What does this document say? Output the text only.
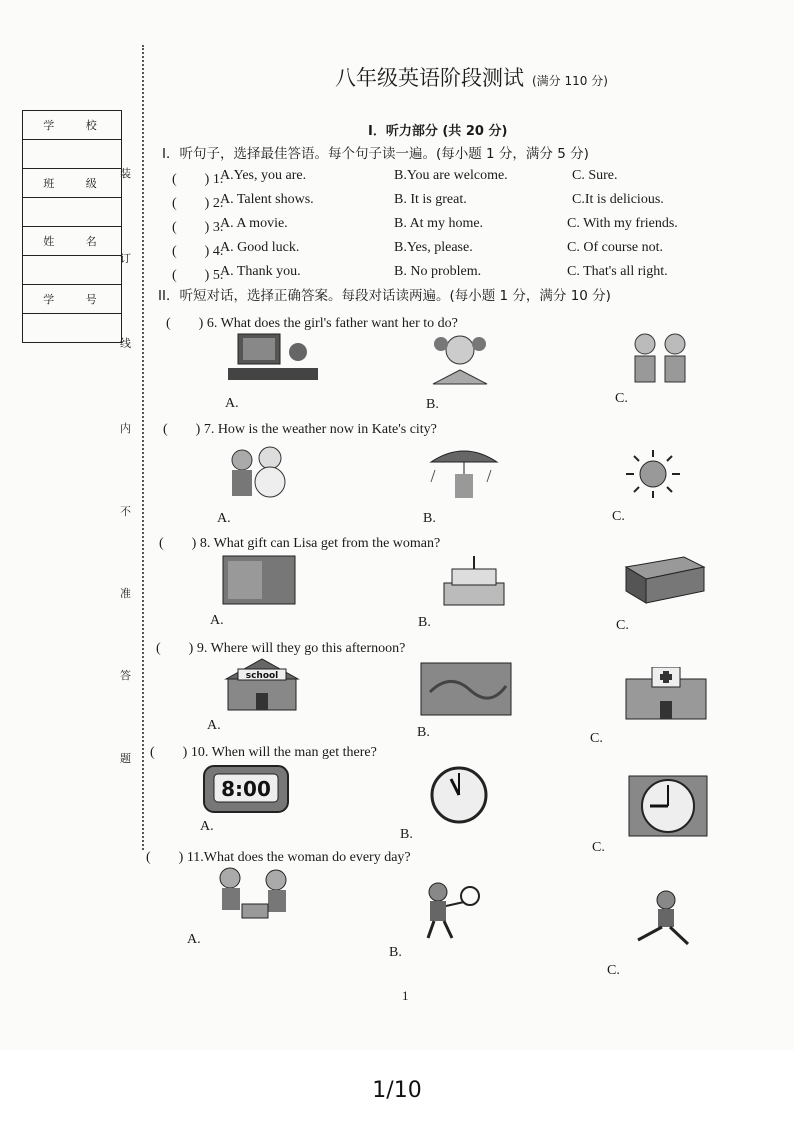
学 校
班 级
姓 名
学 号
装
订
线
内
不
准
答
题
八年级英语阶段测试 (满分 110 分)
I．听力部分 (共 20 分)
I．听句子，选择最佳答语。每个句子读一遍。(每小题 1 分，满分 5 分)
(　　) 1.
A.Yes, you are.	B.You are welcome.	C. Sure.
(　　) 2.
A. Talent shows.	B. It is great.	C.It is delicious.
(　　) 3.
A. A movie.	B. At my home.	C. With my friends.
(　　) 4.
A. Good luck.	B.Yes, please.	C. Of course not.
(　　) 5.
A. Thank you.	B. No problem.	C. That's all right.
II．听短对话，选择正确答案。每段对话读两遍。(每小题 1 分，满分 10 分)
(　　) 6. What does the girl's father want her to do?
A.	B.	C.
(　　) 7. How is the weather now in Kate's city?
A.	B.	C.
(　　) 8. What gift can Lisa get from the woman?
A.	B.	C.
(　　) 9. Where will they go this afternoon?
school
A.	B.	C.
(　　) 10. When will the man get there?
8:00
A.
B.
C.
(　　) 11.What does the woman do every day?
A.
B.
C.
1
1/10
